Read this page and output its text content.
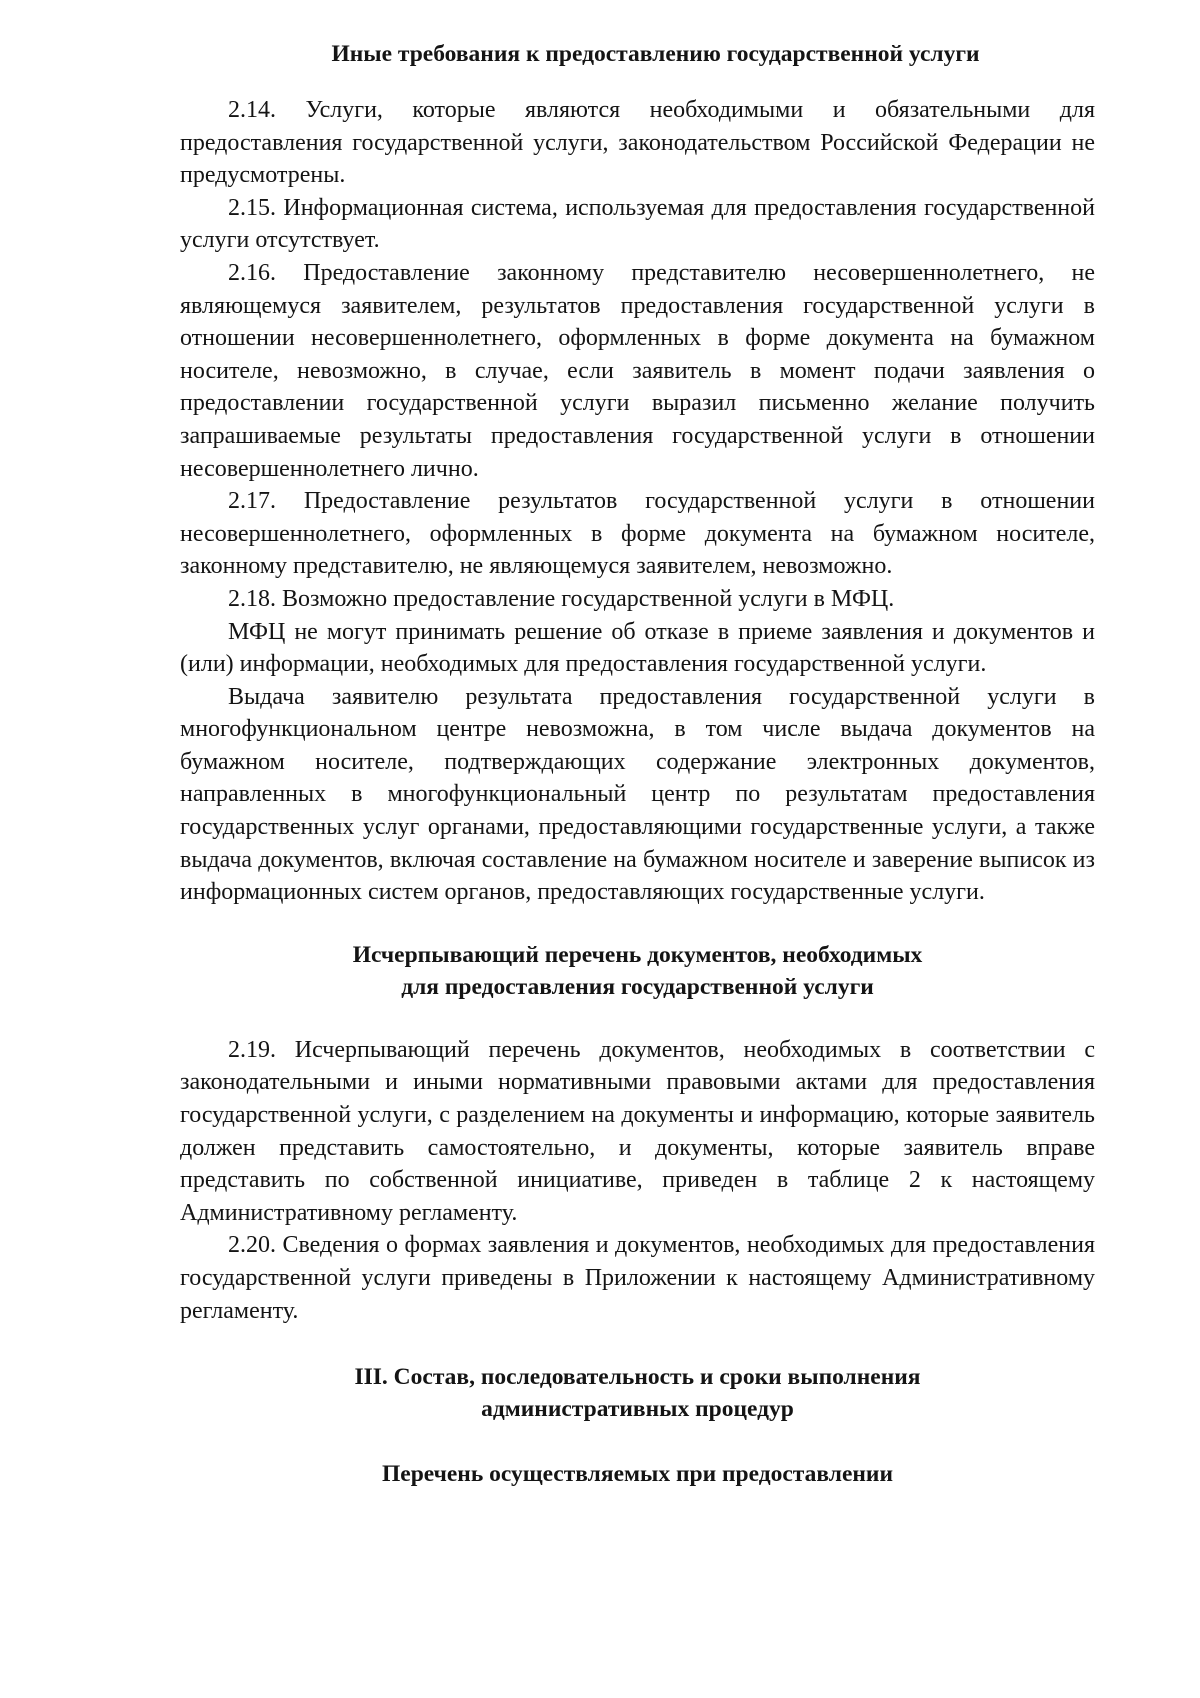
Иные требования к предоставлению государственной услуги

2.14. Услуги, которые являются необходимыми и обязательными для предоставления государственной услуги, законодательством Российской Федерации не предусмотрены.

2.15. Информационная система, используемая для предоставления государственной услуги отсутствует.

2.16. Предоставление законному представителю несовершеннолетнего, не являющемуся заявителем, результатов предоставления государственной услуги в отношении несовершеннолетнего, оформленных в форме документа на бумажном носителе, невозможно, в случае, если заявитель в момент подачи заявления о предоставлении государственной услуги выразил письменно желание получить запрашиваемые результаты предоставления государственной услуги в отношении несовершеннолетнего лично.

2.17. Предоставление результатов государственной услуги в отношении несовершеннолетнего, оформленных в форме документа на бумажном носителе, законному представителю, не являющемуся заявителем, невозможно.

2.18. Возможно предоставление государственной услуги в МФЦ.

МФЦ не могут принимать решение об отказе в приеме заявления и документов и (или) информации, необходимых для предоставления государственной услуги.

Выдача заявителю результата предоставления государственной услуги в многофункциональном центре невозможна, в том числе выдача документов на бумажном носителе, подтверждающих содержание электронных документов, направленных в многофункциональный центр по результатам предоставления государственных услуг органами, предоставляющими государственные услуги, а также выдача документов, включая составление на бумажном носителе и заверение выписок из информационных систем органов, предоставляющих государственные услуги.

Исчерпывающий перечень документов, необходимых
для предоставления государственной услуги

2.19. Исчерпывающий перечень документов, необходимых в соответствии с законодательными и иными нормативными правовыми актами для предоставления государственной услуги, с разделением на документы и информацию, которые заявитель должен представить самостоятельно, и документы, которые заявитель вправе представить по собственной инициативе, приведен в таблице 2 к настоящему Административному регламенту.

2.20. Сведения о формах заявления и документов, необходимых для предоставления государственной услуги приведены в Приложении к настоящему Административному регламенту.

III. Состав, последовательность и сроки выполнения
административных процедур
Перечень осуществляемых при предоставлении
